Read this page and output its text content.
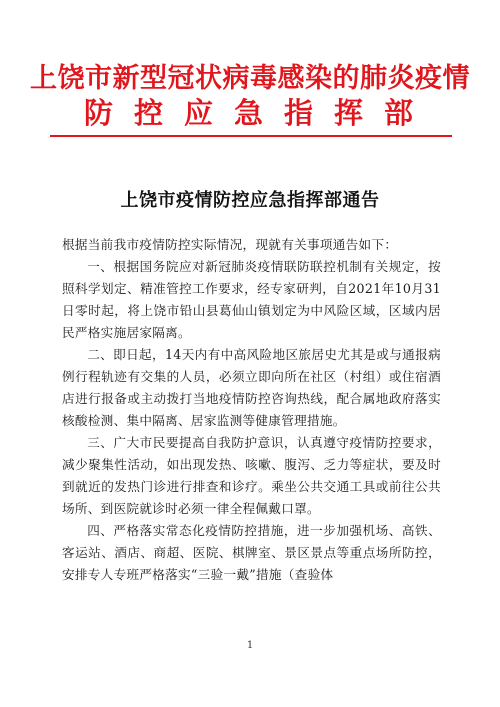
上饶市新型冠状病毒感染的肺炎疫情
防控应急指挥部
上饶市疫情防控应急指挥部通告

根据当前我市疫情防控实际情况，现就有关事项通告如下：

一、根据国务院应对新冠肺炎疫情联防联控机制有关规定，按照科学划定、精准管控工作要求，经专家研判，自2021年10月31日零时起，将上饶市铅山县葛仙山镇划定为中风险区域，区域内居民严格实施居家隔离。

二、即日起，14天内有中高风险地区旅居史尤其是或与通报病例行程轨迹有交集的人员，必须立即向所在社区（村组）或住宿酒店进行报备或主动拨打当地疫情防控咨询热线，配合属地政府落实核酸检测、集中隔离、居家监测等健康管理措施。

三、广大市民要提高自我防护意识，认真遵守疫情防控要求，减少聚集性活动，如出现发热、咳嗽、腹泻、乏力等症状，要及时到就近的发热门诊进行排查和诊疗。乘坐公共交通工具或前往公共场所、到医院就诊时必须一律全程佩戴口罩。

四、严格落实常态化疫情防控措施，进一步加强机场、高铁、客运站、酒店、商超、医院、棋牌室、景区景点等重点场所防控，安排专人专班严格落实“三验一戴”措施（查验体

1
